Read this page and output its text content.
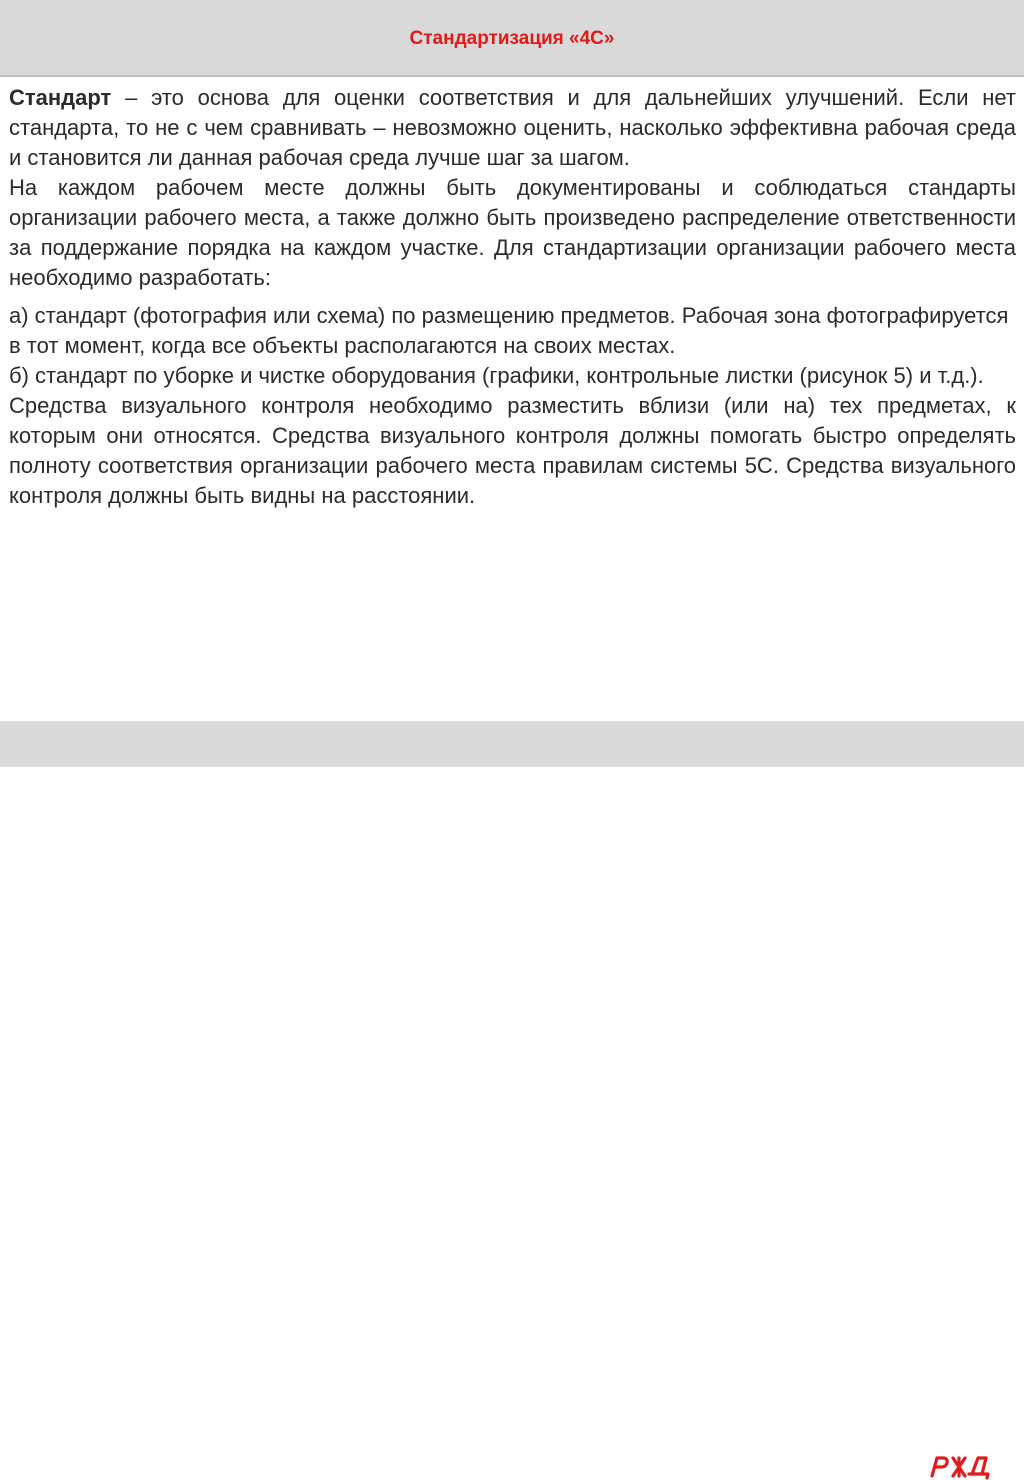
Стандартизация «4С»

Стандарт – это основа для оценки соответствия и для дальнейших улучшений. Если нет стандарта, то не с чем сравнивать – невозможно оценить, насколько эффективна рабочая среда и становится ли данная рабочая среда лучше шаг за шагом.

На каждом рабочем месте должны быть документированы и соблюдаться стандарты организации рабочего места, а также должно быть произведено распределение ответственности за поддержание порядка на каждом участке. Для стандартизации организации рабочего места необходимо разработать:

а) стандарт (фотография или схема) по размещению предметов. Рабочая зона фотографируется в тот момент, когда все объекты располагаются на своих местах.

б) стандарт по уборке и чистке оборудования (графики, контрольные листки (рисунок 5) и т.д.).

Средства визуального контроля необходимо разместить вблизи (или на) тех предметах, к которым они относятся. Средства визуального контроля должны помогать быстро определять полноту соответствия организации рабочего места правилам системы 5С. Средства визуального контроля должны быть видны на расстоянии.

РЖД
